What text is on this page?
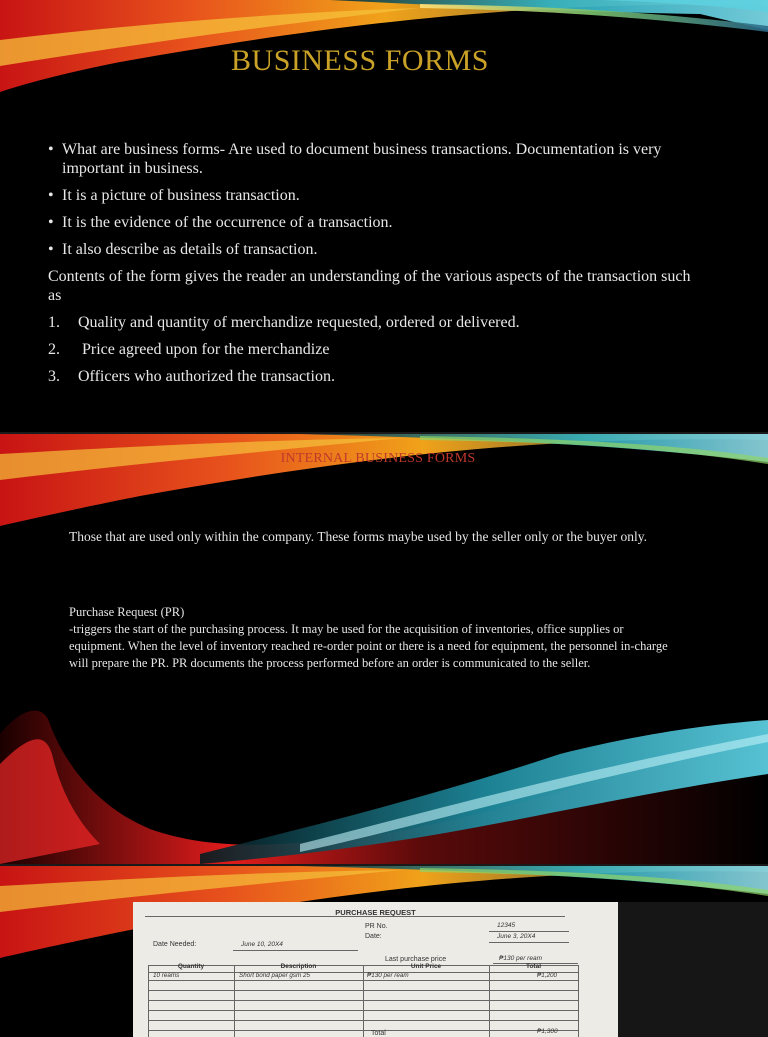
BUSINESS FORMS
• What are business forms- Are used to document business transactions. Documentation is very important in business.
• It is a picture of business transaction.
• It is the evidence of the occurrence of a transaction.
• It also describe as details of transaction.
Contents of the form gives the reader an understanding of the various aspects of the transaction such as
1. Quality and quantity of merchandize requested, ordered or delivered.
2. Price agreed upon for the merchandize
3. Officers who authorized the transaction.
INTERNAL BUSINESS FORMS
Those that are used only within the company. These forms maybe used by the seller only or the buyer only.
Purchase Request (PR)
-triggers the start of the purchasing process. It may be used for the acquisition of inventories, office supplies or equipment. When the level of inventory reached re-order point or there is a need for equipment, the personnel in-charge will prepare the PR. PR documents the process performed before an order is communicated to the seller.
PURCHASE REQUEST
PR No.	12345
Date:	June 3, 20X4
Date Needed:	June 10, 20X4
Last purchase price	₱130 per ream
Quantity	Description	Unit Price	Total
10 reams	Short bond paper gsm 25	₱130 per ream	₱1,200
Total	₱1,300
